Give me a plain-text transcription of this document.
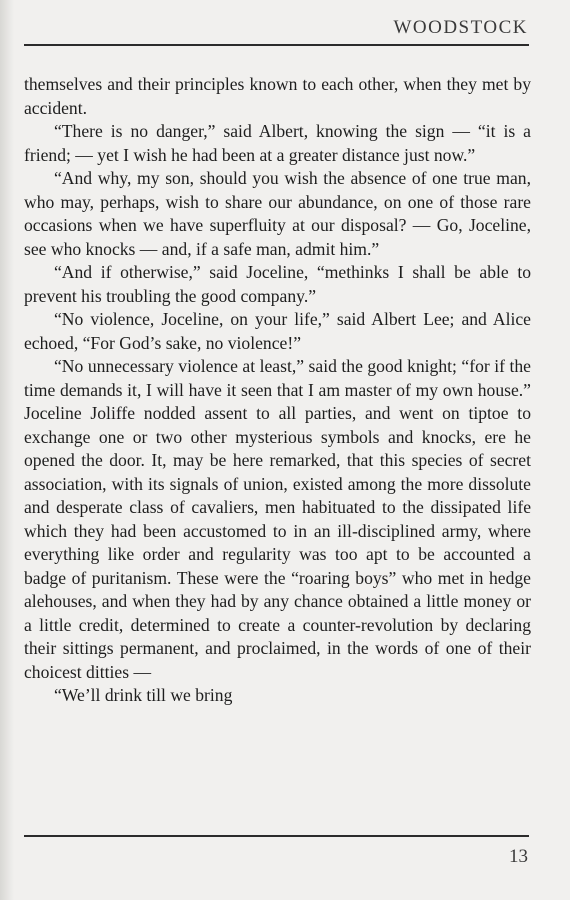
WOODSTOCK

themselves and their principles known to each other, when they met by accident.

“There is no danger,” said Albert, knowing the sign — “it is a friend; — yet I wish he had been at a greater distance just now.”

“And why, my son, should you wish the absence of one true man, who may, perhaps, wish to share our abundance, on one of those rare occasions when we have superfluity at our disposal? — Go, Joceline, see who knocks — and, if a safe man, admit him.”

“And if otherwise,” said Joceline, “methinks I shall be able to prevent his troubling the good company.”

“No violence, Joceline, on your life,” said Albert Lee; and Alice echoed, “For God’s sake, no violence!”

“No unnecessary violence at least,” said the good knight; “for if the time demands it, I will have it seen that I am master of my own house.” Joceline Joliffe nodded assent to all parties, and went on tiptoe to exchange one or two other mysterious symbols and knocks, ere he opened the door. It, may be here remarked, that this species of secret association, with its signals of union, existed among the more dissolute and desperate class of cavaliers, men habituated to the dissipated life which they had been accustomed to in an ill-disciplined army, where everything like order and regularity was too apt to be accounted a badge of puritanism. These were the “roaring boys” who met in hedge alehouses, and when they had by any chance obtained a little money or a little credit, determined to create a counter-revolution by declaring their sittings permanent, and proclaimed, in the words of one of their choicest ditties —

“We’ll drink till we bring

13
